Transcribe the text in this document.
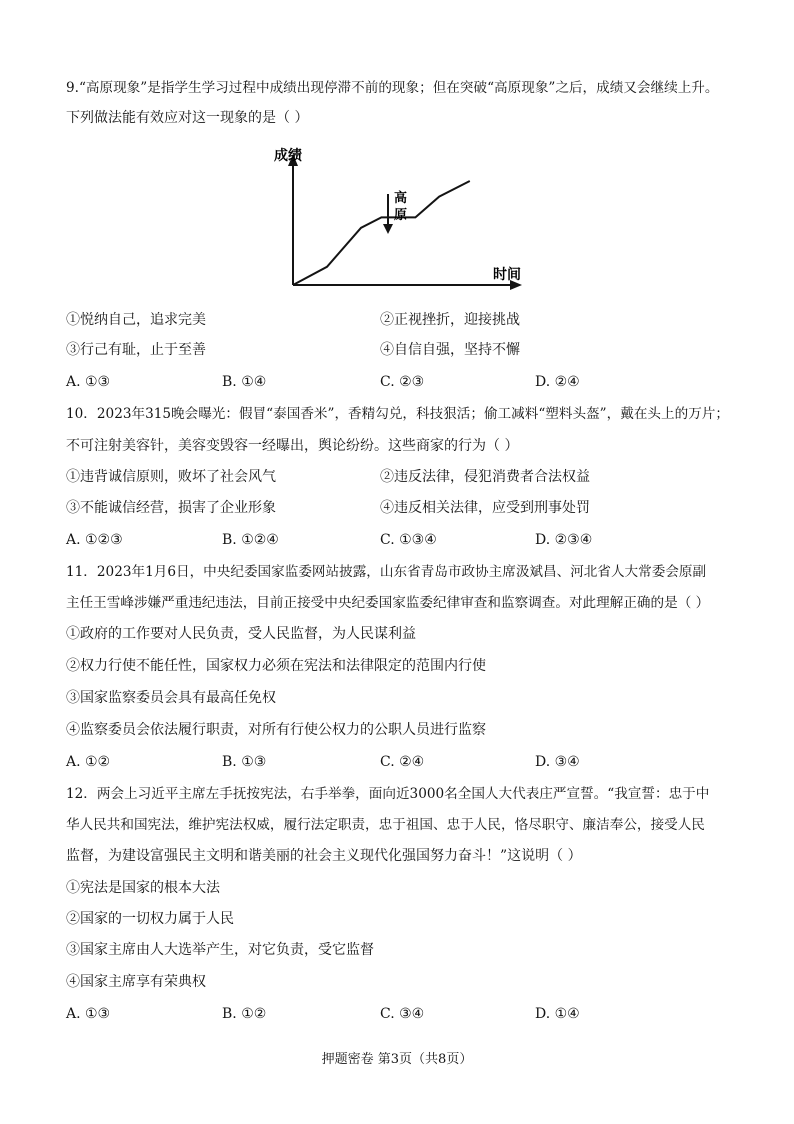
9.“高原现象”是指学生学习过程中成绩出现停滞不前的现象；但在突破“高原现象”之后，成绩又会继续上升。
下列做法能有效应对这一现象的是（ ）
成绩
时间
高
原
①悦纳自己，追求完美	②正视挫折，迎接挑战
③行己有耻，止于至善	④自信自强，坚持不懈
A. ①③	B. ①④	C. ②③	D. ②④
10．2023年315晚会曝光：假冒“泰国香米”，香精勾兑，科技狠活；偷工减料“塑料头盔”，戴在头上的万片；
不可注射美容针，美容变毁容一经曝出，舆论纷纷。这些商家的行为（ ）
①违背诚信原则，败坏了社会风气	②违反法律，侵犯消费者合法权益
③不能诚信经营，损害了企业形象	④违反相关法律，应受到刑事处罚
A. ①②③	B. ①②④	C. ①③④	D. ②③④
11．2023年1月6日，中央纪委国家监委网站披露，山东省青岛市政协主席汲斌昌、河北省人大常委会原副
主任王雪峰涉嫌严重违纪违法，目前正接受中央纪委国家监委纪律审查和监察调查。对此理解正确的是（ ）
①政府的工作要对人民负责，受人民监督，为人民谋利益
②权力行使不能任性，国家权力必须在宪法和法律限定的范围内行使
③国家监察委员会具有最高任免权
④监察委员会依法履行职责，对所有行使公权力的公职人员进行监察
A. ①②	B. ①③	C. ②④	D. ③④
12．两会上习近平主席左手抚按宪法，右手举拳，面向近3000名全国人大代表庄严宣誓。“我宣誓：忠于中
华人民共和国宪法，维护宪法权威，履行法定职责，忠于祖国、忠于人民，恪尽职守、廉洁奉公，接受人民
监督，为建设富强民主文明和谐美丽的社会主义现代化强国努力奋斗！”这说明（ ）
①宪法是国家的根本大法
②国家的一切权力属于人民
③国家主席由人大选举产生，对它负责，受它监督
④国家主席享有荣典权
A. ①③	B. ①②	C. ③④	D. ①④
押题密卷 第3页（共8页）
